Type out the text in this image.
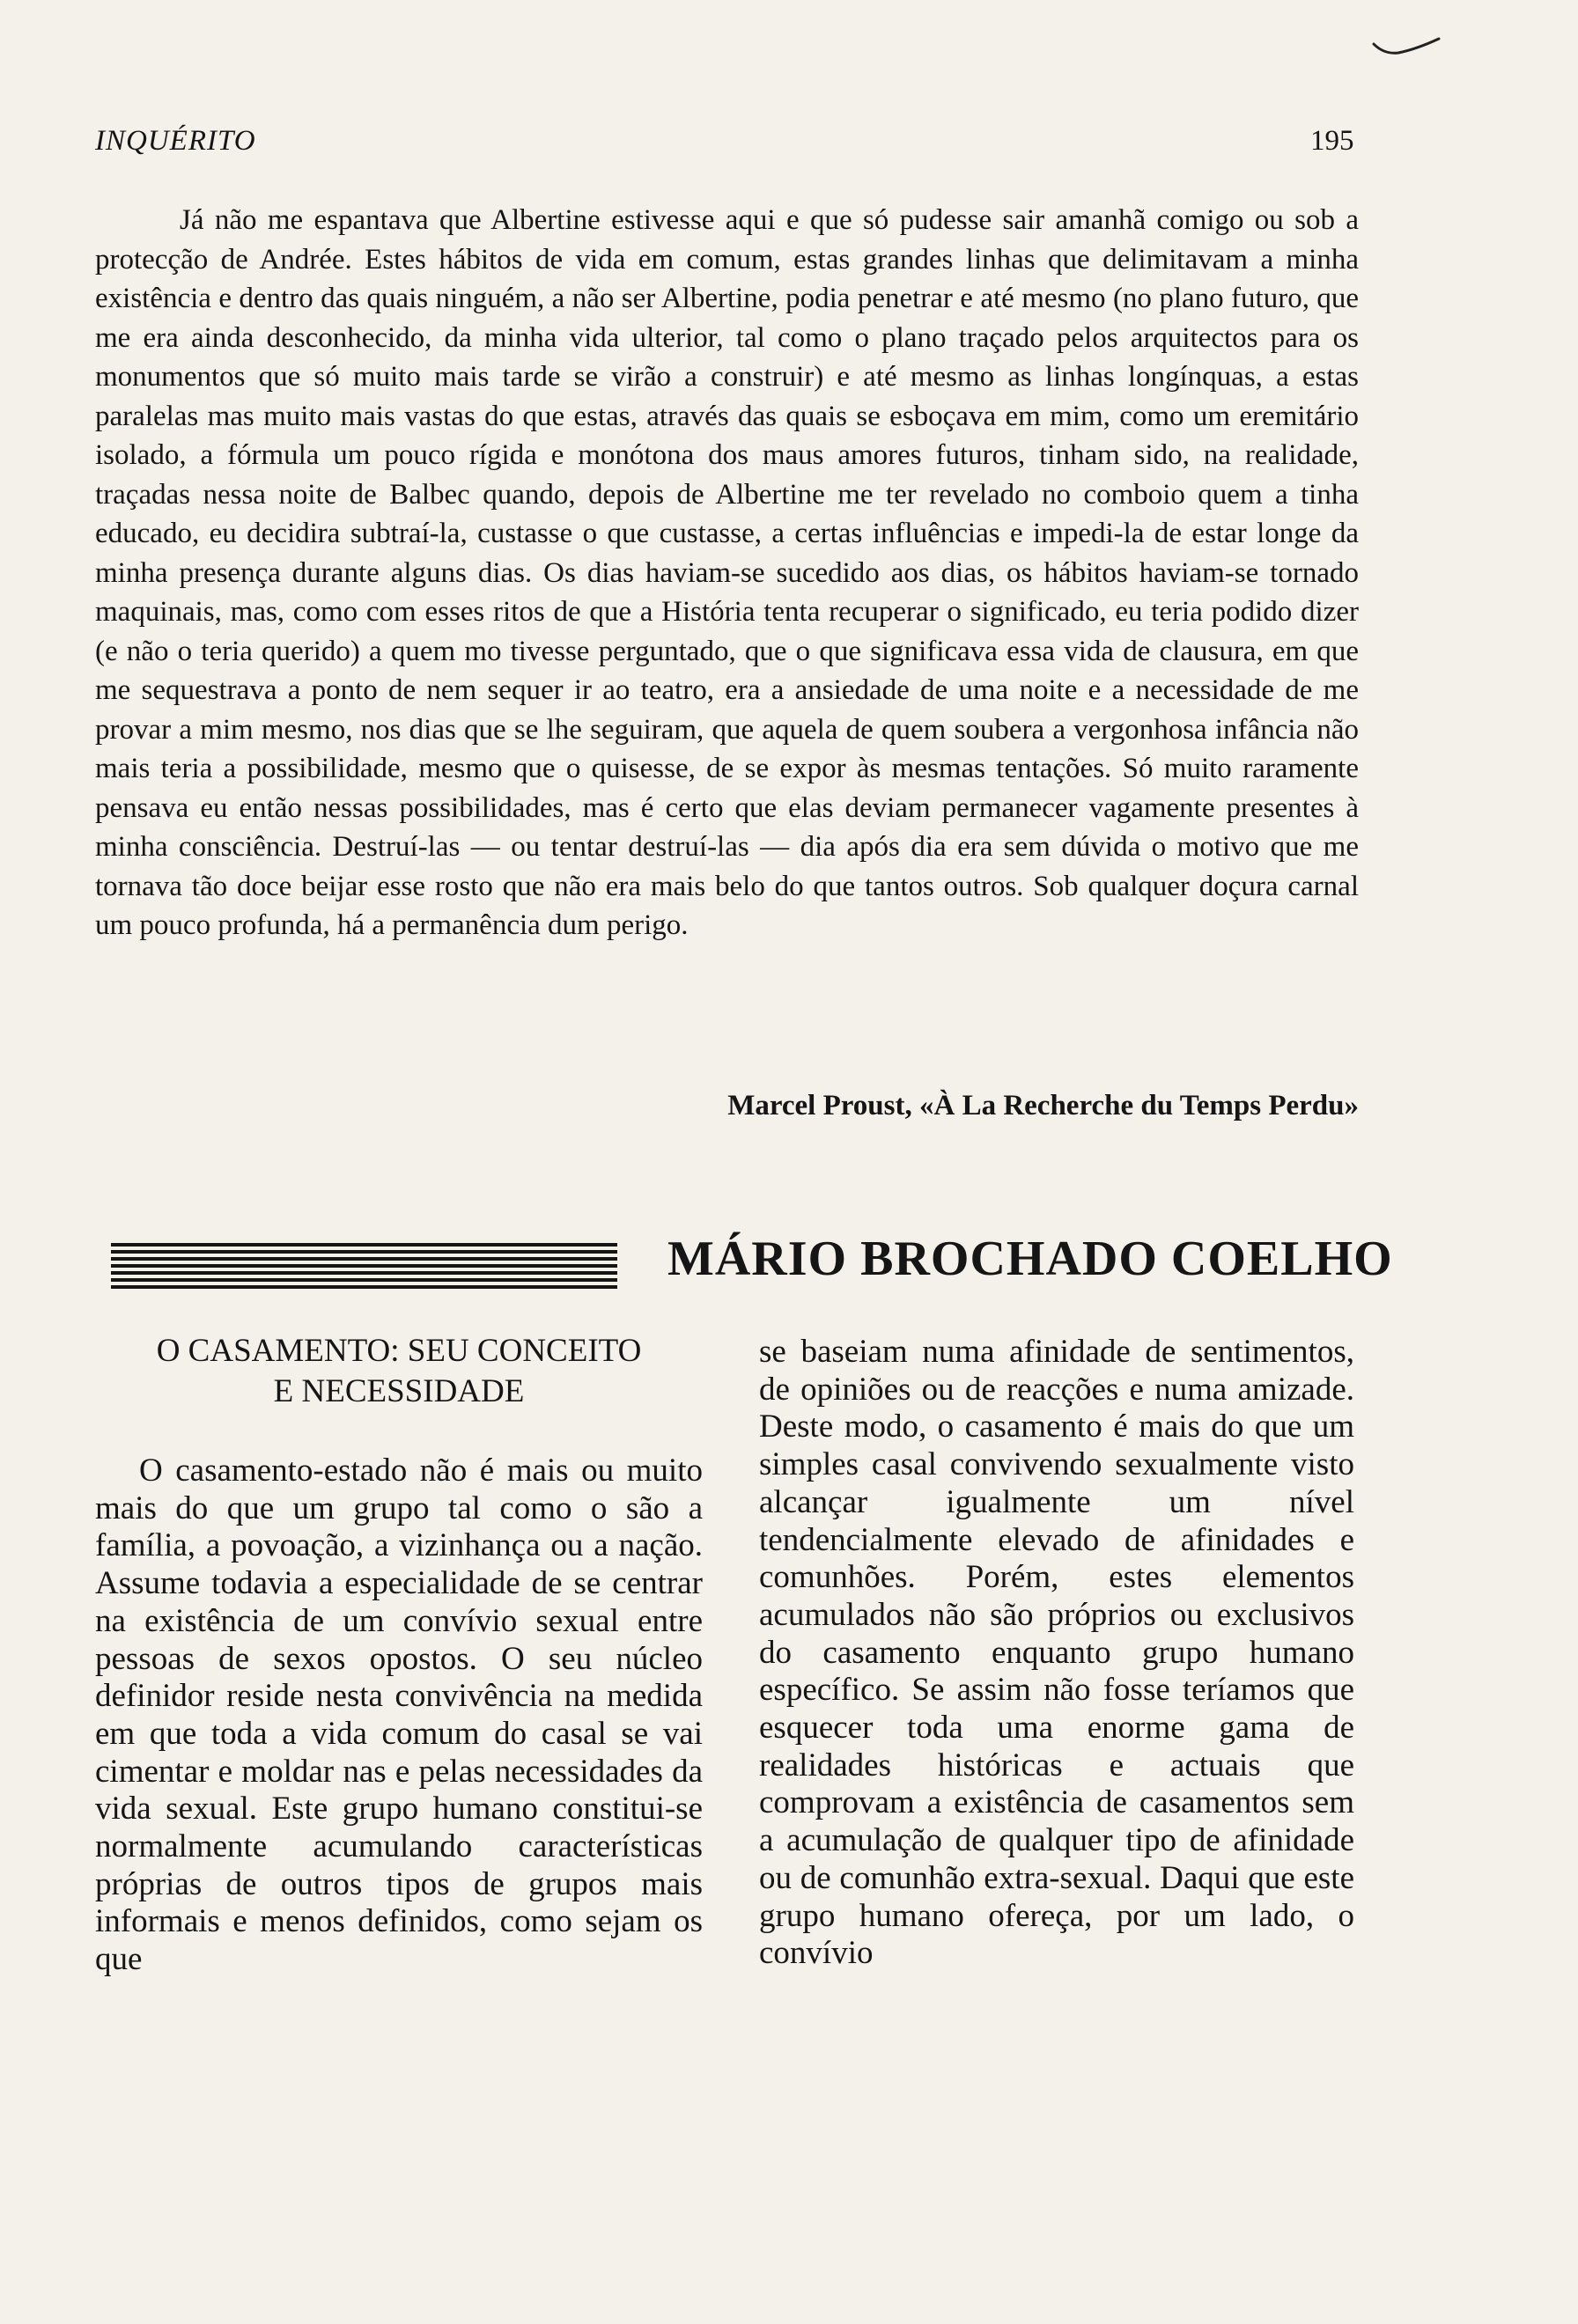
INQUÉRITO	195

Já não me espantava que Albertine estivesse aqui e que só pudesse sair amanhã comigo ou sob a protecção de Andrée. Estes hábitos de vida em comum, estas grandes linhas que delimitavam a minha existência e dentro das quais ninguém, a não ser Albertine, podia penetrar e até mesmo (no plano futuro, que me era ainda desconhecido, da minha vida ulterior, tal como o plano traçado pelos arquitectos para os monumentos que só muito mais tarde se virão a construir) e até mesmo as linhas longínquas, a estas paralelas mas muito mais vastas do que estas, através das quais se esboçava em mim, como um eremitário isolado, a fórmula um pouco rígida e monótona dos maus amores futuros, tinham sido, na realidade, traçadas nessa noite de Balbec quando, depois de Albertine me ter revelado no comboio quem a tinha educado, eu decidira subtraí-la, custasse o que custasse, a certas influências e impedi-la de estar longe da minha presença durante alguns dias. Os dias haviam-se sucedido aos dias, os hábitos haviam-se tornado maquinais, mas, como com esses ritos de que a História tenta recuperar o significado, eu teria podido dizer (e não o teria querido) a quem mo tivesse perguntado, que o que significava essa vida de clausura, em que me sequestrava a ponto de nem sequer ir ao teatro, era a ansiedade de uma noite e a necessidade de me provar a mim mesmo, nos dias que se lhe seguiram, que aquela de quem soubera a vergonhosa infância não mais teria a possibilidade, mesmo que o quisesse, de se expor às mesmas tentações. Só muito raramente pensava eu então nessas possibilidades, mas é certo que elas deviam permanecer vagamente presentes à minha consciência. Destruí-las — ou tentar destruí-las — dia após dia era sem dúvida o motivo que me tornava tão doce beijar esse rosto que não era mais belo do que tantos outros. Sob qualquer doçura carnal um pouco profunda, há a permanência dum perigo.

Marcel Proust, «À La Recherche du Temps Perdu»
MÁRIO BROCHADO COELHO
O CASAMENTO: SEU CONCEITO
E NECESSIDADE

O casamento-estado não é mais ou muito mais do que um grupo tal como o são a família, a povoação, a vizinhança ou a nação. Assume todavia a especialidade de se centrar na existência de um convívio sexual entre pessoas de sexos opostos. O seu núcleo definidor reside nesta convivência na medida em que toda a vida comum do casal se vai cimentar e moldar nas e pelas necessidades da vida sexual. Este grupo humano constitui-se normalmente acumulando características próprias de outros tipos de grupos mais informais e menos definidos, como sejam os que

se baseiam numa afinidade de sentimentos, de opiniões ou de reacções e numa amizade. Deste modo, o casamento é mais do que um simples casal convivendo sexualmente visto alcançar igualmente um nível tendencialmente elevado de afinidades e comunhões. Porém, estes elementos acumulados não são próprios ou exclusivos do casamento enquanto grupo humano específico. Se assim não fosse teríamos que esquecer toda uma enorme gama de realidades históricas e actuais que comprovam a existência de casamentos sem a acumulação de qualquer tipo de afinidade ou de comunhão extra-sexual. Daqui que este grupo humano ofereça, por um lado, o convívio
